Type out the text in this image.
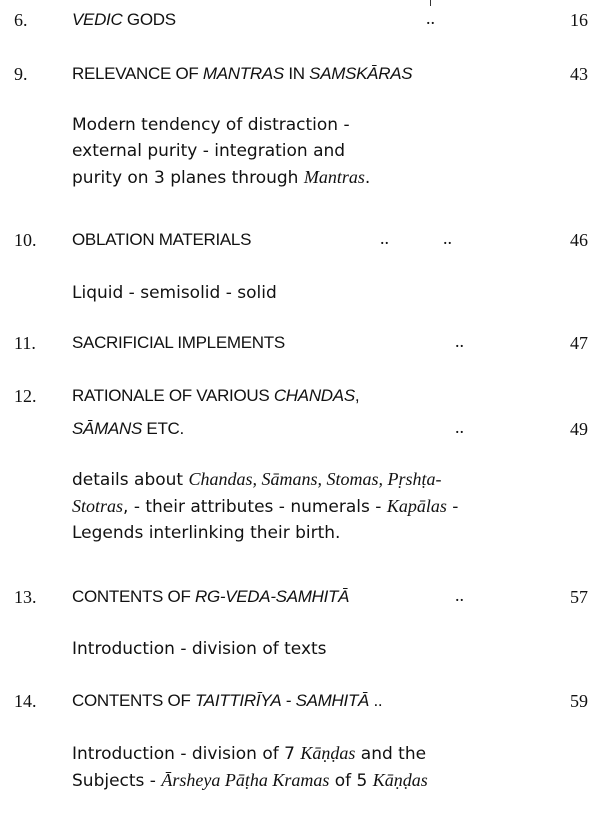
6.	VEDIC GODS	..	16
9.	RELEVANCE OF MANTRAS IN SAMSKĀRAS	43
Modern tendency of distraction -
external purity - integration and
purity on 3 planes through Mantras.
10. OBLATION MATERIALS	..            ..	46
Liquid - semisolid - solid
11. SACRIFICIAL IMPLEMENTS	..	47
12. RATIONALE OF VARIOUS CHANDAS,
SĀMANS ETC.	..	49
details about Chandas, Sāmans, Stomas, Pṛshṭa-
Stotras, - their attributes - numerals - Kapālas -
Legends interlinking their birth.
13. CONTENTS OF RG-VEDA-SAMHITĀ	..	57
Introduction - division of texts
14. CONTENTS OF TAITTIRĪYA - SAMHITĀ ..	59
Introduction - division of 7 Kāṇḍas and the
Subjects - Ārsheya Pāṭha Kramas of 5 Kāṇḍas
